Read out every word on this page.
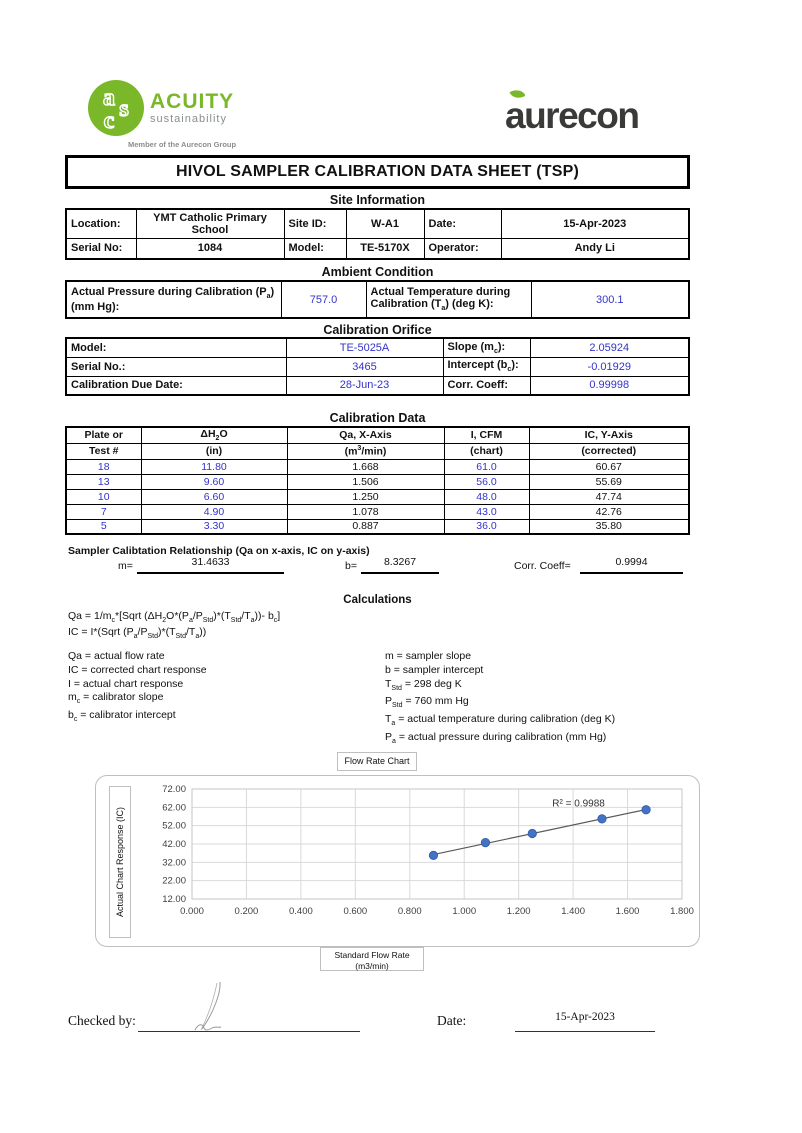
a s
c
ACUITY
sustainability
Member of the Aurecon Group
aurecon
HIVOL SAMPLER CALIBRATION DATA SHEET (TSP)
Site Information
Location:	YMT Catholic Primary School	Site ID:	W-A1	Date:	15-Apr-2023
Serial No:	1084	Model:	TE-5170X	Operator:	Andy Li
Ambient Condition
Actual Pressure during Calibration $(P_a)$ (mm Hg):	757.0	Actual Temperature during Calibration $(T_a)$ (deg K):	300.1
Calibration Orifice
Model:	TE-5025A	Slope $(m_c)$:	2.05924
Serial No.:	3465	Intercept $(b_c)$:	-0.01929
Calibration Due Date:	28-Jun-23	Corr. Coeff:	0.99998
Calibration Data
Plate or	$\Delta H_2O$	Qa, X-Axis	I, CFM	IC, Y-Axis
Test #	(in)	$(m^3/\min)$	(chart)	(corrected)
18	11.80	1.668	61.0	60.67
13	9.60	1.506	56.0	55.69
10	6.60	1.250	48.0	47.74
7	4.90	1.078	43.0	42.76
5	3.30	0.887	36.0	35.80
Sampler Calibtation Relationship (Qa on x-axis, IC on y-axis)
m=	31.4633	b=	8.3267	Corr. Coeff=	0.9994
Calculations
$Qa = 1/m_c*[Sqrt$ $(\Delta H_2O*(P_a/P_{Std})*(T_{Std}/T_a))-$ $b_c$]
IC = I*(Sqrt $(P_a/P_{Std})*(T_{Std}/T_a)$)
Qa = actual flow rate
IC = corrected chart response
I = actual chart response
$m_c$ = calibrator slope
$b_c$ = calibrator intercept
m = sampler slope
b = sampler intercept
$T_{Std} = 298$ deg K
$P_{Std} = 760$ mm Hg
$T_a$ = actual temperature during calibration (deg K)
$P_a$ = actual pressure during calibration (mm Hg)
Flow Rate Chart
Actual Chart Response (IC)	0.000	0.200	0.400	0.600	0.800	1.000	1.200	1.400	1.600	1.800
12.00
22.00
32.00
42.00
52.00
62.00
72.00
R² = 0.9988
Standard Flow Rate
(m3/min)
Checked by:	Date:	15-Apr-2023
